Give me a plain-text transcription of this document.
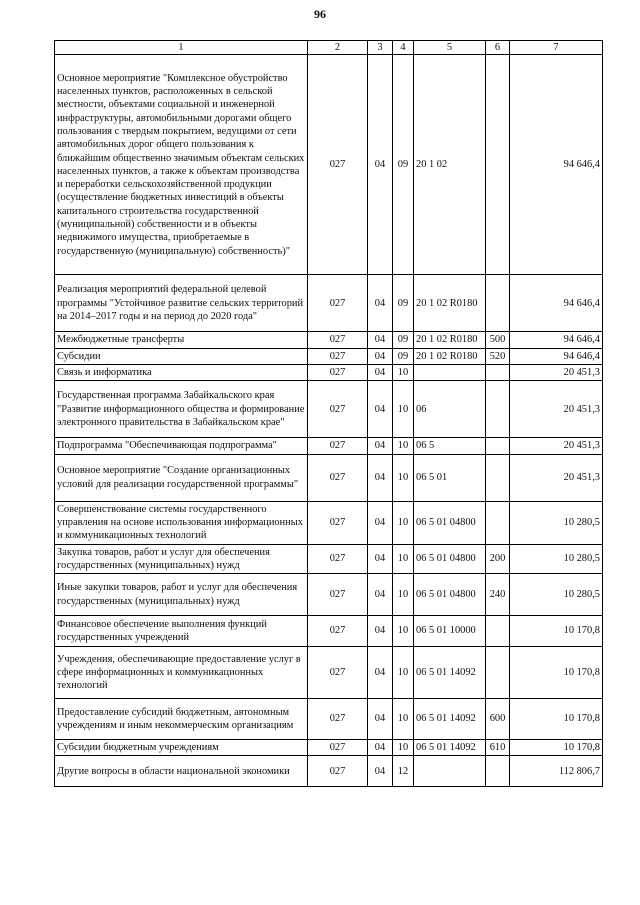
96
1	2	3	4	5	6	7
Основное мероприятие "Комплексное обустройство населенных пунктов, расположенных в сельской местности, объектами социальной и инженерной инфраструктуры, автомобильными дорогами общего пользования с твердым покрытием, ведущими от сети автомобильных дорог общего пользования к ближайшим общественно значимым объектам сельских населенных пунктов, а также к объектам производства и переработки сельскохозяйственной продукции (осуществление бюджетных инвестиций в объекты капитального строительства государственной (муниципальной) собственности и в объекты недвижимого имущества, приобретаемые в государственную (муниципальную) собственность)"	027	04	09	20 1 02		94 646,4
Реализация мероприятий федеральной целевой программы "Устойчивое развитие сельских территорий на 2014–2017 годы и на период до 2020 года"	027	04	09	20 1 02 R0180		94 646,4
Межбюджетные трансферты	027	04	09	20 1 02 R0180	500	94 646,4
Субсидии	027	04	09	20 1 02 R0180	520	94 646,4
Связь и информатика	027	04	10			20 451,3
Государственная программа Забайкальского края "Развитие информационного общества и формирование электронного правительства в Забайкальском крае"	027	04	10	06		20 451,3
Подпрограмма "Обеспечивающая подпрограмма"	027	04	10	06 5		20 451,3
Основное мероприятие "Создание организационных условий для реализации государственной программы"	027	04	10	06 5 01		20 451,3
Совершенствование системы государственного управления на основе использования информационных и коммуникационных технологий	027	04	10	06 5 01 04800		10 280,5
Закупка товаров, работ и услуг для обеспечения государственных (муниципальных) нужд	027	04	10	06 5 01 04800	200	10 280,5
Иные закупки товаров, работ и услуг для обеспечения государственных (муниципальных) нужд	027	04	10	06 5 01 04800	240	10 280,5
Финансовое обеспечение выполнения функций государственных учреждений	027	04	10	06 5 01 10000		10 170,8
Учреждения, обеспечивающие предоставление услуг в сфере информационных и коммуникационных технологий	027	04	10	06 5 01 14092		10 170,8
Предоставление субсидий бюджетным, автономным учреждениям и иным некоммерческим организациям	027	04	10	06 5 01 14092	600	10 170,8
Субсидии бюджетным учреждениям	027	04	10	06 5 01 14092	610	10 170,8
Другие вопросы в области национальной экономики	027	04	12			112 806,7
